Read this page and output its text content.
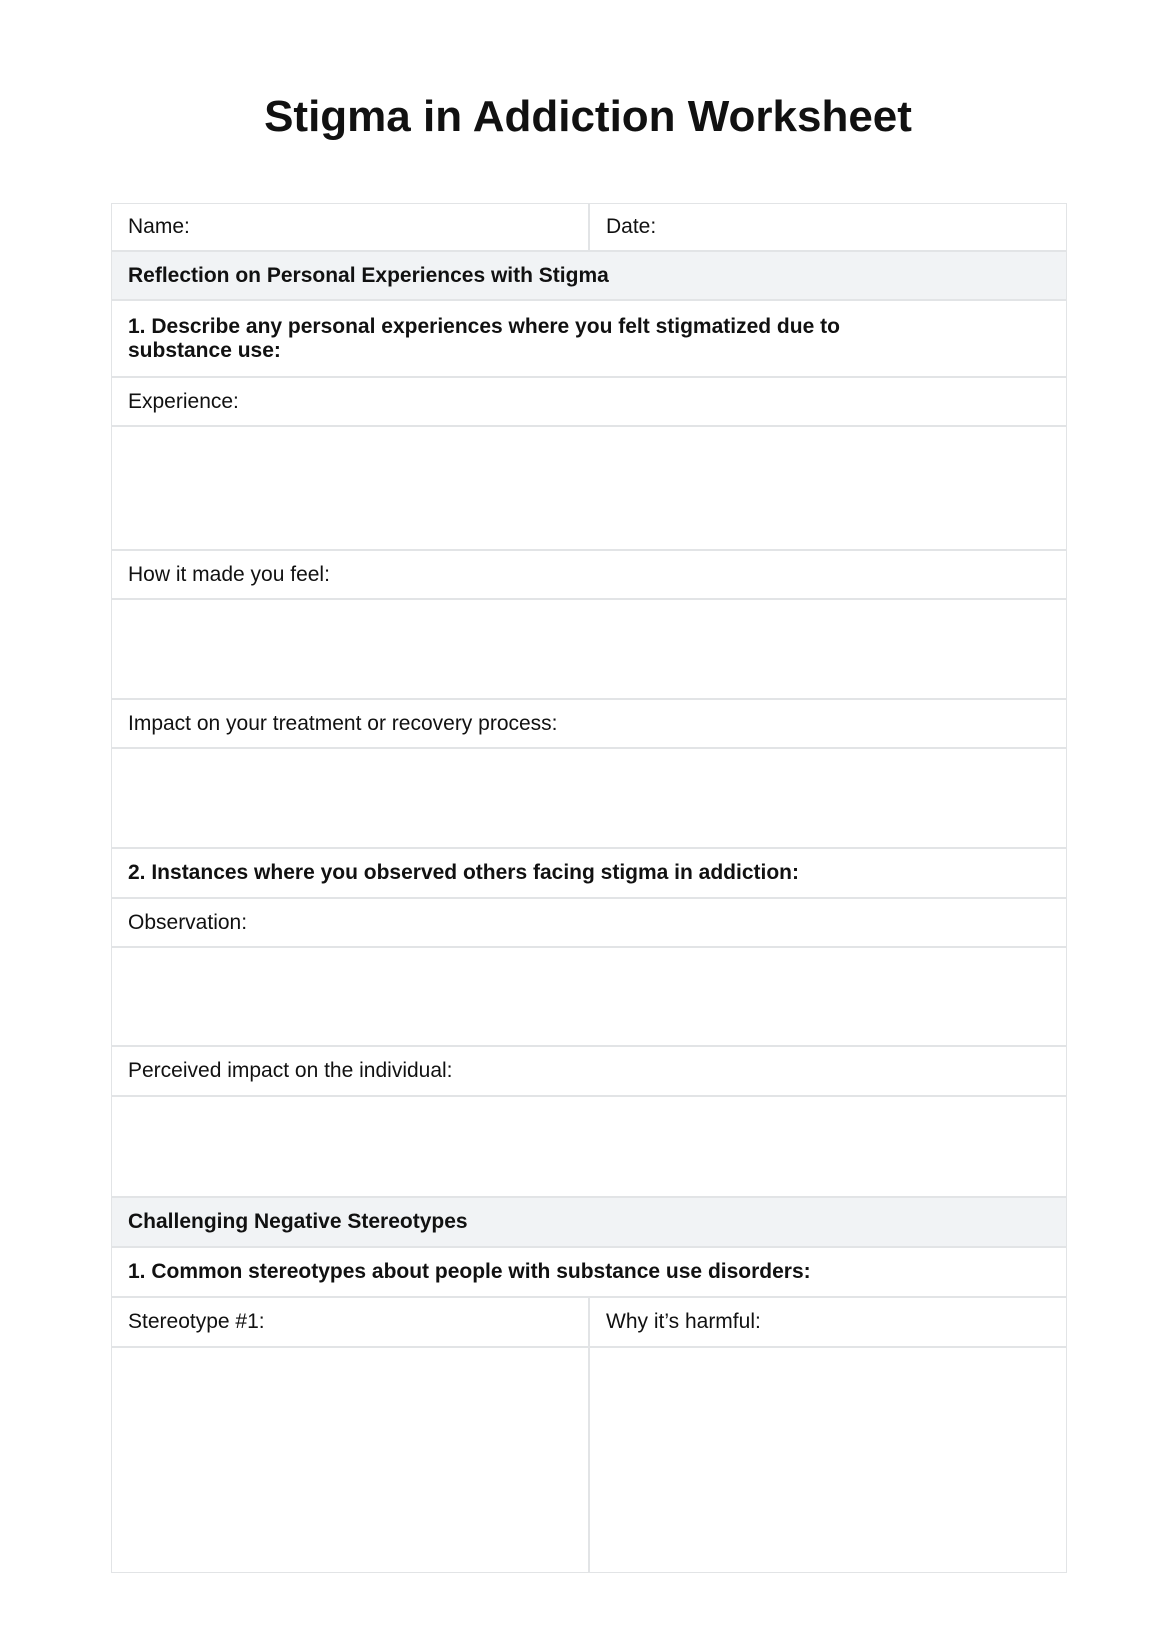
Stigma in Addiction Worksheet
Name:	Date:
Reflection on Personal Experiences with Stigma
1. Describe any personal experiences where you felt stigmatized due to substance use:
Experience:
How it made you feel:
Impact on your treatment or recovery process:
2. Instances where you observed others facing stigma in addiction:
Observation:
Perceived impact on the individual:
Challenging Negative Stereotypes
1. Common stereotypes about people with substance use disorders:
Stereotype #1:	Why it’s harmful:
